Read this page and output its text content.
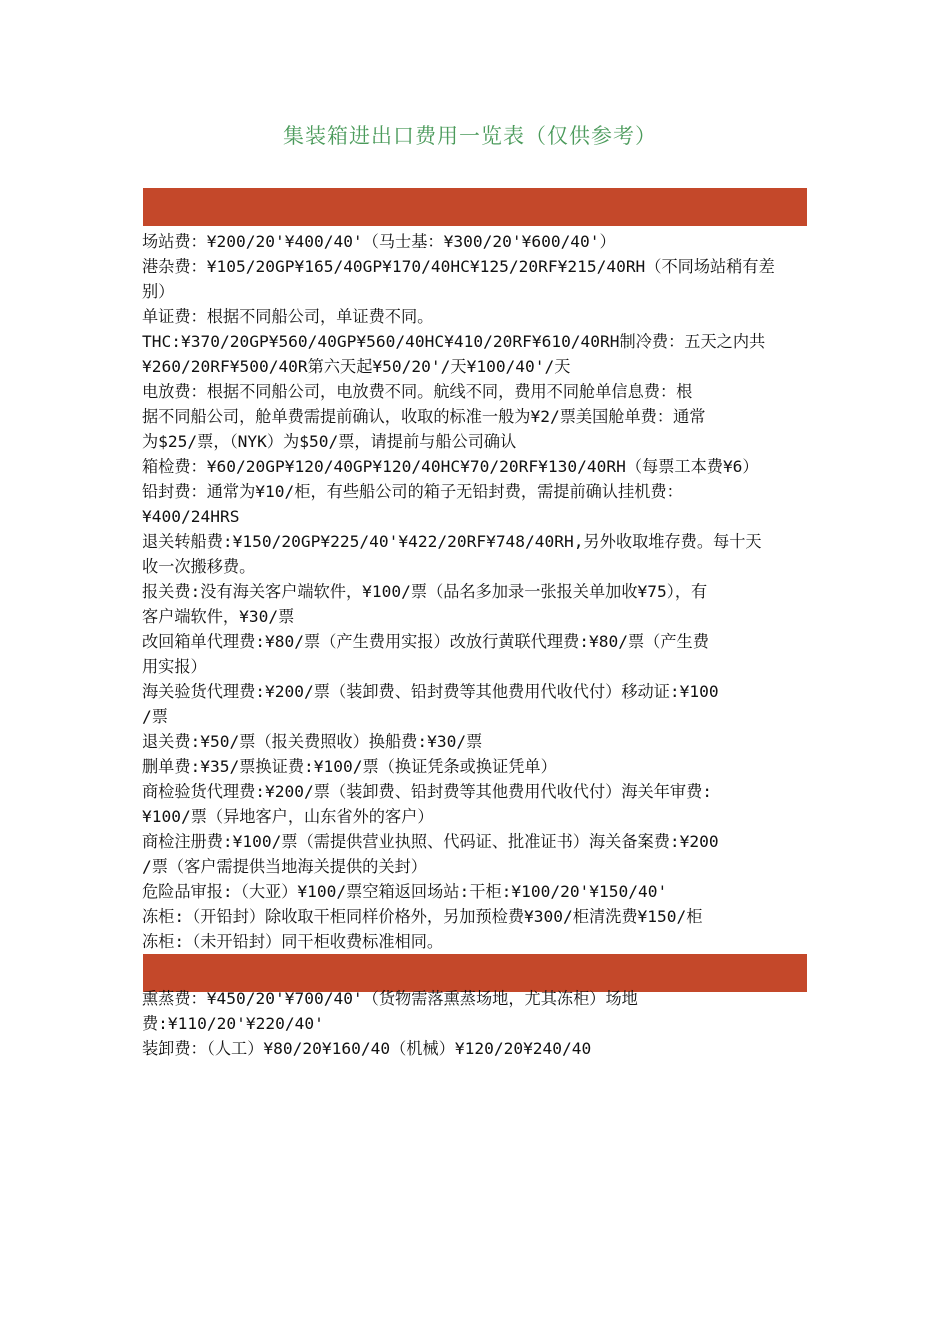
集装箱进出口费用一览表（仅供参考）
场站费：¥200/20'¥400/40'（马士基：¥300/20'¥600/40'）
港杂费：¥105/20GP¥165/40GP¥170/40HC¥125/20RF¥215/40RH（不同场站稍有差
别）
单证费：根据不同船公司，单证费不同。
THC:¥370/20GP¥560/40GP¥560/40HC¥410/20RF¥610/40RH制冷费：五天之内共
¥260/20RF¥500/40R第六天起¥50/20'/天¥100/40'/天
电放费：根据不同船公司，电放费不同。航线不同，费用不同舱单信息费：根
据不同船公司，舱单费需提前确认，收取的标准一般为¥2/票美国舱单费：通常
为$25/票，（NYK）为$50/票，请提前与船公司确认
箱检费：¥60/20GP¥120/40GP¥120/40HC¥70/20RF¥130/40RH（每票工本费¥6）
铅封费：通常为¥10/柜，有些船公司的箱子无铅封费，需提前确认挂机费：
¥400/24HRS
退关转船费:¥150/20GP¥225/40'¥422/20RF¥748/40RH,另外收取堆存费。每十天
收一次搬移费。
报关费:没有海关客户端软件，¥100/票（品名多加录一张报关单加收¥75），有
客户端软件，¥30/票
改回箱单代理费:¥80/票（产生费用实报）改放行黄联代理费:¥80/票（产生费
用实报）
海关验货代理费:¥200/票（装卸费、铅封费等其他费用代收代付）移动证:¥100
/票
退关费:¥50/票（报关费照收）换船费:¥30/票
删单费:¥35/票换证费:¥100/票（换证凭条或换证凭单）
商检验货代理费:¥200/票（装卸费、铅封费等其他费用代收代付）海关年审费:
¥100/票（异地客户，山东省外的客户）
商检注册费:¥100/票（需提供营业执照、代码证、批准证书）海关备案费:¥200
/票（客户需提供当地海关提供的关封）
危险品审报:（大亚）¥100/票空箱返回场站:干柜:¥100/20'¥150/40'
冻柜:（开铅封）除收取干柜同样价格外，另加预检费¥300/柜清洗费¥150/柜
冻柜:（未开铅封）同干柜收费标准相同。
熏蒸费：¥450/20'¥700/40'（货物需落熏蒸场地，尤其冻柜）场地
费:¥110/20'¥220/40'
装卸费：（人工）¥80/20¥160/40（机械）¥120/20¥240/40
